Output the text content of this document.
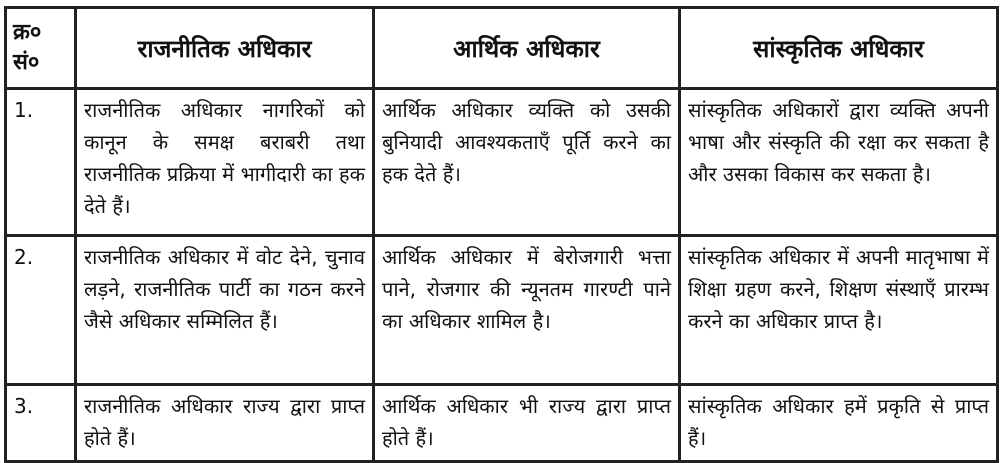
क्र० सं०	राजनीतिक अधिकार	आर्थिक अधिकार	सांस्कृतिक अधिकार
1.	राजनीतिक अधिकार नागरिकों को कानून के समक्ष बराबरी तथा राजनीतिक प्रक्रिया में भागीदारी का हक देते हैं।	आर्थिक अधिकार व्यक्ति को उसकी बुनियादी आवश्यकताएँ पूर्ति करने का हक देते हैं।	सांस्कृतिक अधिकारों द्वारा व्यक्ति अपनी भाषा और संस्कृति की रक्षा कर सकता है और उसका विकास कर सकता है।
2.	राजनीतिक अधिकार में वोट देने, चुनाव लड़ने, राजनीतिक पार्टी का गठन करने जैसे अधिकार सम्मिलित हैं।	आर्थिक अधिकार में बेरोजगारी भत्ता पाने, रोजगार की न्यूनतम गारण्टी पाने का अधिकार शामिल है।	सांस्कृतिक अधिकार में अपनी मातृभाषा में शिक्षा ग्रहण करने, शिक्षण संस्थाएँ प्रारम्भ करने का अधिकार प्राप्त है।
3.	राजनीतिक अधिकार राज्य द्वारा प्राप्त होते हैं।	आर्थिक अधिकार भी राज्य द्वारा प्राप्त होते हैं।	सांस्कृतिक अधिकार हमें प्रकृति से प्राप्त हैं।
